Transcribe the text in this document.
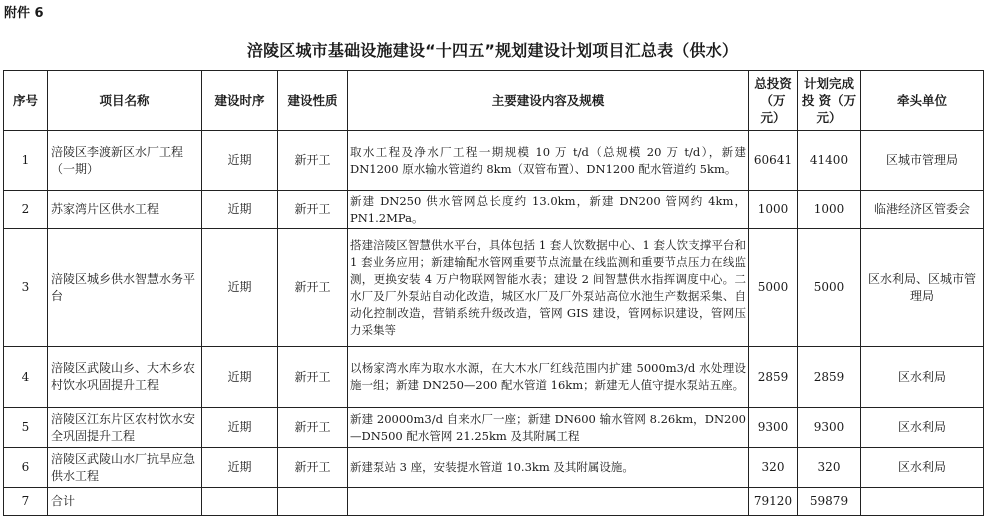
附件 6
涪陵区城市基础设施建设“十四五”规划建设计划项目汇总表（供水）
序号	项目名称	建设时序	建设性质	主要建设内容及规模	总投资（万元）	计划完成投 资（万元）	牵头单位
1	涪陵区李渡新区水厂工程（一期）	近期	新开工	取水工程及净水厂工程一期规模 10 万 t/d（总规模 20 万 t/d），新建 DN1200 原水输水管道约 8km（双管布置）、DN1200 配水管道约 5km。	60641	41400	区城市管理局
2	苏家湾片区供水工程	近期	新开工	新建 DN250 供水管网总长度约 13.0km，新建 DN200 管网约 4km，PN1.2MPa。	1000	1000	临港经济区管委会
3	涪陵区城乡供水智慧水务平台	近期	新开工	搭建涪陵区智慧供水平台，具体包括 1 套人饮数据中心、1 套人饮支撑平台和 1 套业务应用；新建输配水管网重要节点流量在线监测和重要节点压力在线监测，更换安装 4 万户物联网智能水表；建设 2 间智慧供水指挥调度中心。二水厂及厂外泵站自动化改造，城区水厂及厂外泵站高位水池生产数据采集、自动化控制改造，营销系统升级改造，管网 GIS 建设，管网标识建设，管网压力采集等	5000	5000	区水利局、区城市管理局
4	涪陵区武陵山乡、大木乡农村饮水巩固提升工程	近期	新开工	以杨家湾水库为取水水源，在大木水厂红线范围内扩建 5000m3/d 水处理设施一组；新建 DN250—200 配水管道 16km；新建无人值守提水泵站五座。	2859	2859	区水利局
5	涪陵区江东片区农村饮水安全巩固提升工程	近期	新开工	新建 20000m3/d 自来水厂一座；新建 DN600 输水管网 8.26km，DN200—DN500 配水管网 21.25km 及其附属工程	9300	9300	区水利局
6	涪陵区武陵山水厂抗旱应急供水工程	近期	新开工	新建泵站 3 座，安装提水管道 10.3km 及其附属设施。	320	320	区水利局
7	合计				79120	59879	
